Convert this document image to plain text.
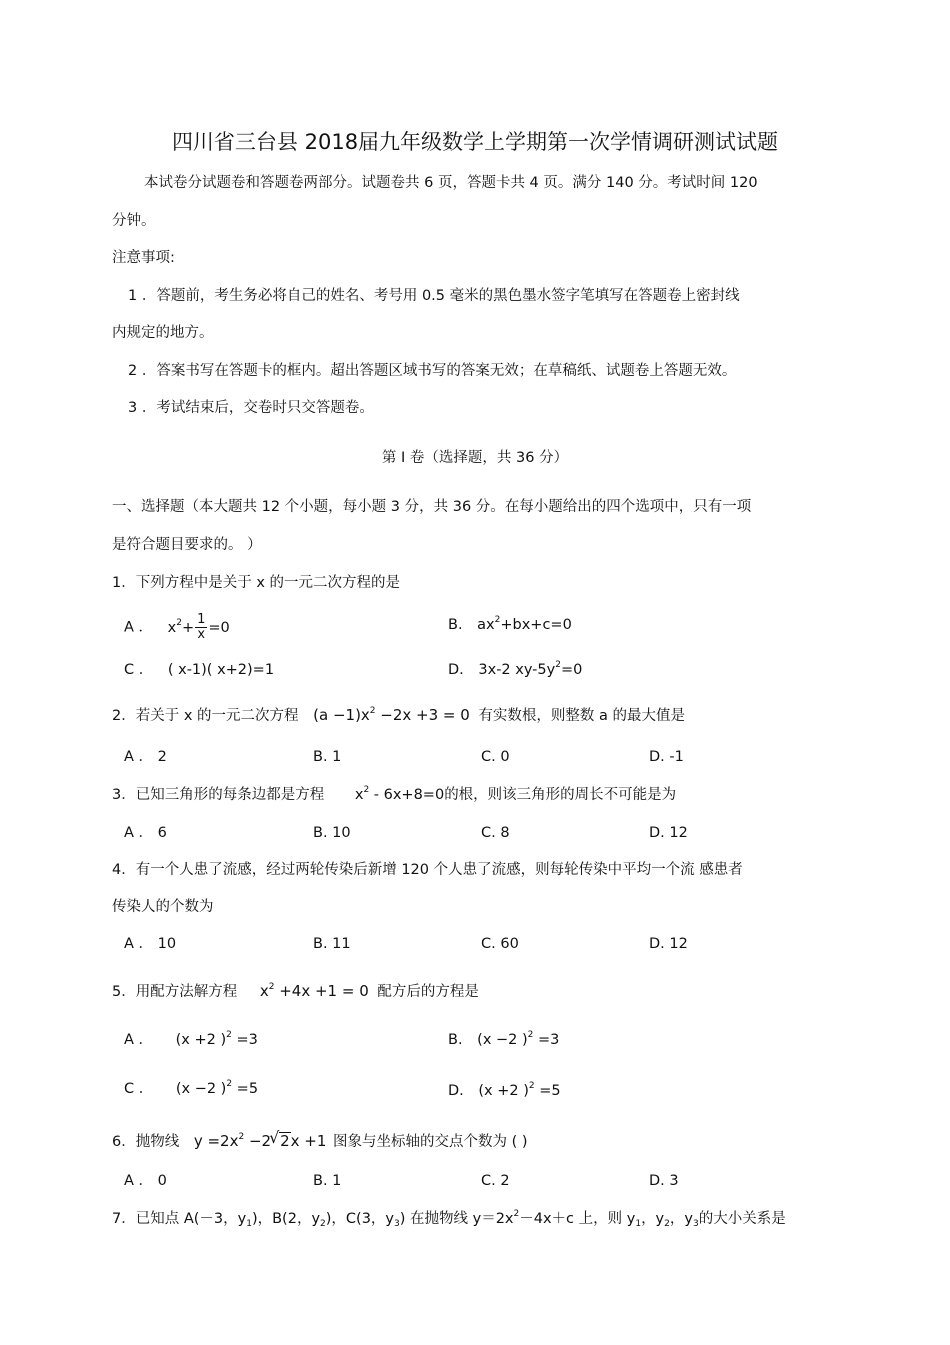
四川省三台县 2018届九年级数学上学期第一次学情调研测试试题
本试卷分试题卷和答题卷两部分。试题卷共 6 页，答题卡共 4 页。满分 140 分。考试时间 120
分钟。
注意事项:
1 ．答题前，考生务必将自己的姓名、考号用 0.5 毫米的黑色墨水签字笔填写在答题卷上密封线
内规定的地方。
2 ．答案书写在答题卡的框内。超出答题区域书写的答案无效；在草稿纸、试题卷上答题无效。
3 ．考试结束后，交卷时只交答题卷。
第 I 卷（选择题，共 36 分）
一、选择题（本大题共 12 个小题，每小题 3 分，共 36 分。在每小题给出的四个选项中，只有一项
是符合题目要求的。 ）
1．下列方程中是关于 x 的一元二次方程的是
A ． $x^2+ \frac{1}{x} =0$	B. $ax^2+bx+c=0$
C ． ( x-1)( x+2)=1	D. 3x-2 $xy-5y^2=0$
2．若关于 x 的一元二次方程 $(a -1)x^2 -2x +3 = 0$ 有实数根，则整数 a 的最大值是
A ． 2	B. 1	C. 0	D. -1
3．已知三角形的每条边都是方程 $x^2 - 6x+8=0$的根，则该三角形的周长不可能是为
A ． 6	B. 10	C. 8	D. 12
4．有一个人患了流感，经过两轮传染后新增 120 个人患了流感，则每轮传染中平均一个流 感患者
传染人的个数为
A ． 10	B. 11	C. 60	D. 12
5．用配方法解方程 $x^2 +4x +1 = 0$ 配方后的方程是
A ． (x +2 )$^2$ =3	B. (x −2 )$^2$ =3
C ． (x −2 )$^2$ =5	D. (x +2 )$^2$ =5
6．抛物线 $y =2x^2 -2√$ 2x +1 图象与坐标轴的交点个数为 ( )
A ． 0	B. 1	C. 2	D. 3
7．已知点 A(－3，$y_1$)，B(2，$y_2$)，C(3，$y_3$) 在抛物线 $y=2x^2-4x+c$ 上，则 $y_1$，$y_2$，$y_3$的大小关系是
